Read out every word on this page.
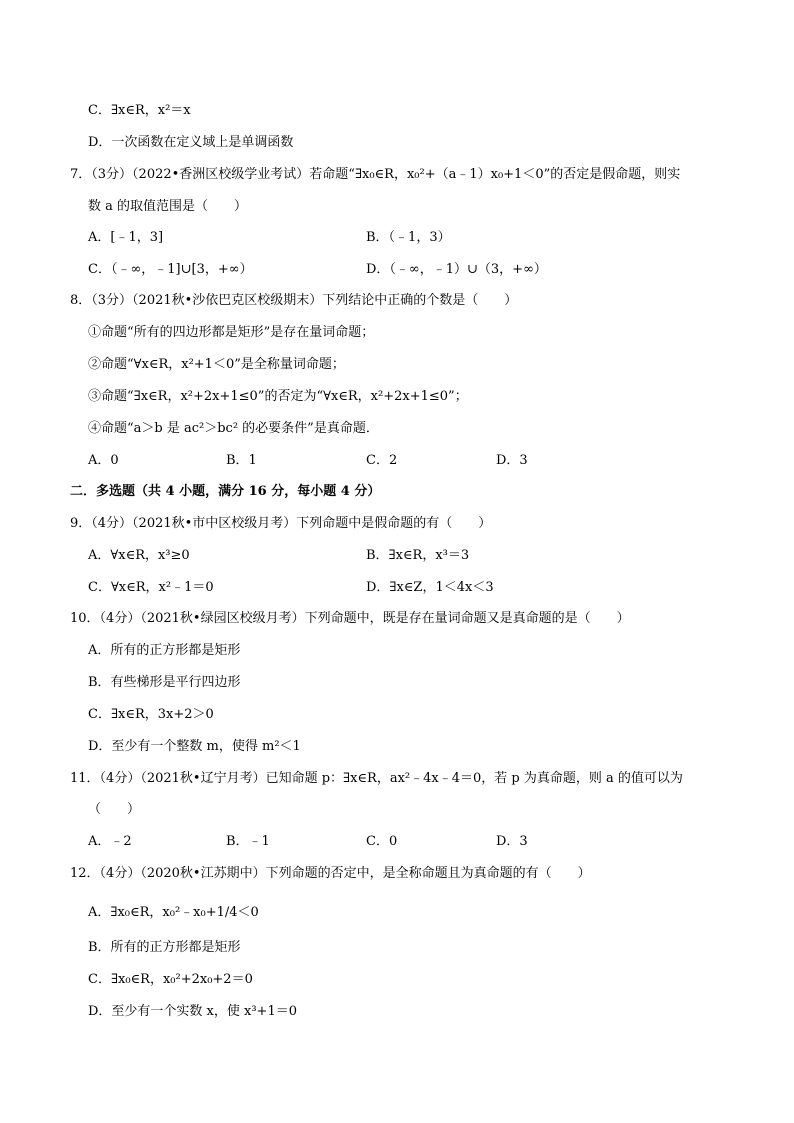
C．∃x∈R，x²＝x
D．一次函数在定义域上是单调函数
7．（3分）（2022•香洲区校级学业考试）若命题“∃x₀∈R，x₀²+（a﹣1）x₀+1＜0”的否定是假命题，则实
数 a 的取值范围是（　　）
A．[﹣1，3]	B．（﹣1，3）
C．（﹣∞，﹣1]∪[3，+∞）	D．（﹣∞，﹣1）∪（3，+∞）
8．（3分）（2021秋•沙依巴克区校级期末）下列结论中正确的个数是（　　）
①命题“所有的四边形都是矩形”是存在量词命题；
②命题“∀x∈R，x²+1＜0”是全称量词命题；
③命题“∃x∈R，x²+2x+1≤0”的否定为“∀x∈R，x²+2x+1≤0”；
④命题“a＞b 是 ac²＞bc² 的必要条件”是真命题．
A．0	B．1	C．2	D．3
二．多选题（共 4 小题，满分 16 分，每小题 4 分）
9．（4分）（2021秋•市中区校级月考）下列命题中是假命题的有（　　）
A．∀x∈R，x³≥0	B．∃x∈R，x³＝3
C．∀x∈R，x²﹣1＝0	D．∃x∈Z，1＜4x＜3
10．（4分）（2021秋•绿园区校级月考）下列命题中，既是存在量词命题又是真命题的是（　　）
A．所有的正方形都是矩形
B．有些梯形是平行四边形
C．∃x∈R，3x+2＞0
D．至少有一个整数 m，使得 m²＜1
11．（4分）（2021秋•辽宁月考）已知命题 p：∃x∈R，ax²﹣4x﹣4＝0，若 p 为真命题，则 a 的值可以为
（　　）
A．﹣2	B．﹣1	C．0	D．3
12．（4分）（2020秋•江苏期中）下列命题的否定中，是全称命题且为真命题的有（　　）
A．∃x₀∈R，x₀²﹣x₀+1/4＜0
B．所有的正方形都是矩形
C．∃x₀∈R，x₀²+2x₀+2＝0
D．至少有一个实数 x，使 x³+1＝0
